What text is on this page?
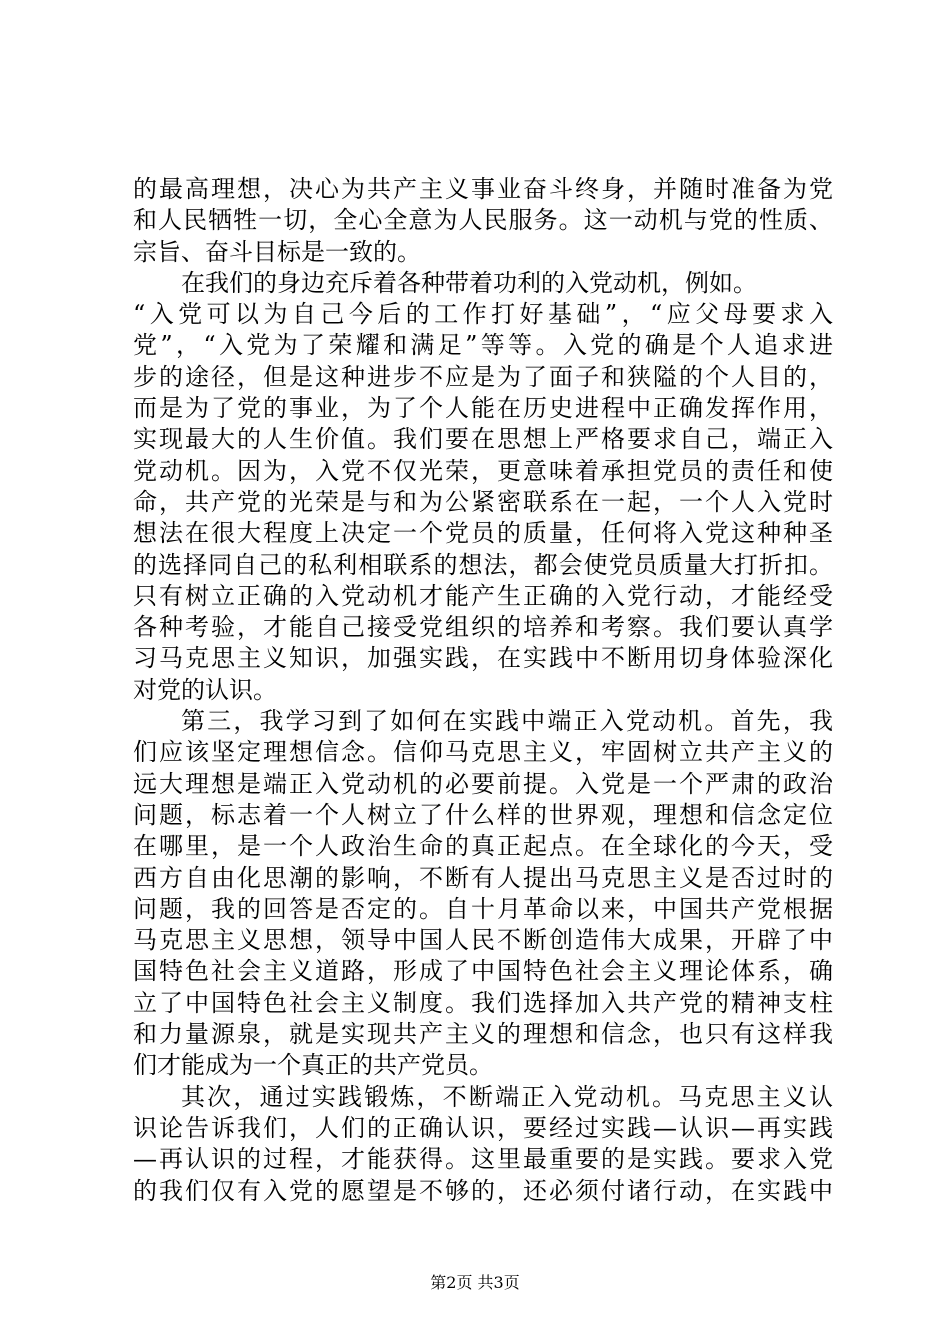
的最高理想，决心为共产主义事业奋斗终身，并随时准备为党
和人民牺牲一切，全心全意为人民服务。这一动机与党的性质、
宗旨、奋斗目标是一致的。
在我们的身边充斥着各种带着功利的入党动机，例如。
“入党可以为自己今后的工作打好基础”，“应父母要求入
党”，“入党为了荣耀和满足”等等。入党的确是个人追求进
步的途径，但是这种进步不应是为了面子和狭隘的个人目的，
而是为了党的事业，为了个人能在历史进程中正确发挥作用，
实现最大的人生价值。我们要在思想上严格要求自己，端正入
党动机。因为，入党不仅光荣，更意味着承担党员的责任和使
命，共产党的光荣是与和为公紧密联系在一起，一个人入党时
想法在很大程度上决定一个党员的质量，任何将入党这种种圣
的选择同自己的私利相联系的想法，都会使党员质量大打折扣。
只有树立正确的入党动机才能产生正确的入党行动，才能经受
各种考验，才能自己接受党组织的培养和考察。我们要认真学
习马克思主义知识，加强实践，在实践中不断用切身体验深化
对党的认识。
第三，我学习到了如何在实践中端正入党动机。首先，我
们应该坚定理想信念。信仰马克思主义，牢固树立共产主义的
远大理想是端正入党动机的必要前提。入党是一个严肃的政治
问题，标志着一个人树立了什么样的世界观，理想和信念定位
在哪里，是一个人政治生命的真正起点。在全球化的今天，受
西方自由化思潮的影响，不断有人提出马克思主义是否过时的
问题，我的回答是否定的。自十月革命以来，中国共产党根据
马克思主义思想，领导中国人民不断创造伟大成果，开辟了中
国特色社会主义道路，形成了中国特色社会主义理论体系，确
立了中国特色社会主义制度。我们选择加入共产党的精神支柱
和力量源泉，就是实现共产主义的理想和信念，也只有这样我
们才能成为一个真正的共产党员。
其次，通过实践锻炼，不断端正入党动机。马克思主义认
识论告诉我们，人们的正确认识，要经过实践—认识—再实践
—再认识的过程，才能获得。这里最重要的是实践。要求入党
的我们仅有入党的愿望是不够的，还必须付诸行动，在实践中
第2页 共3页
